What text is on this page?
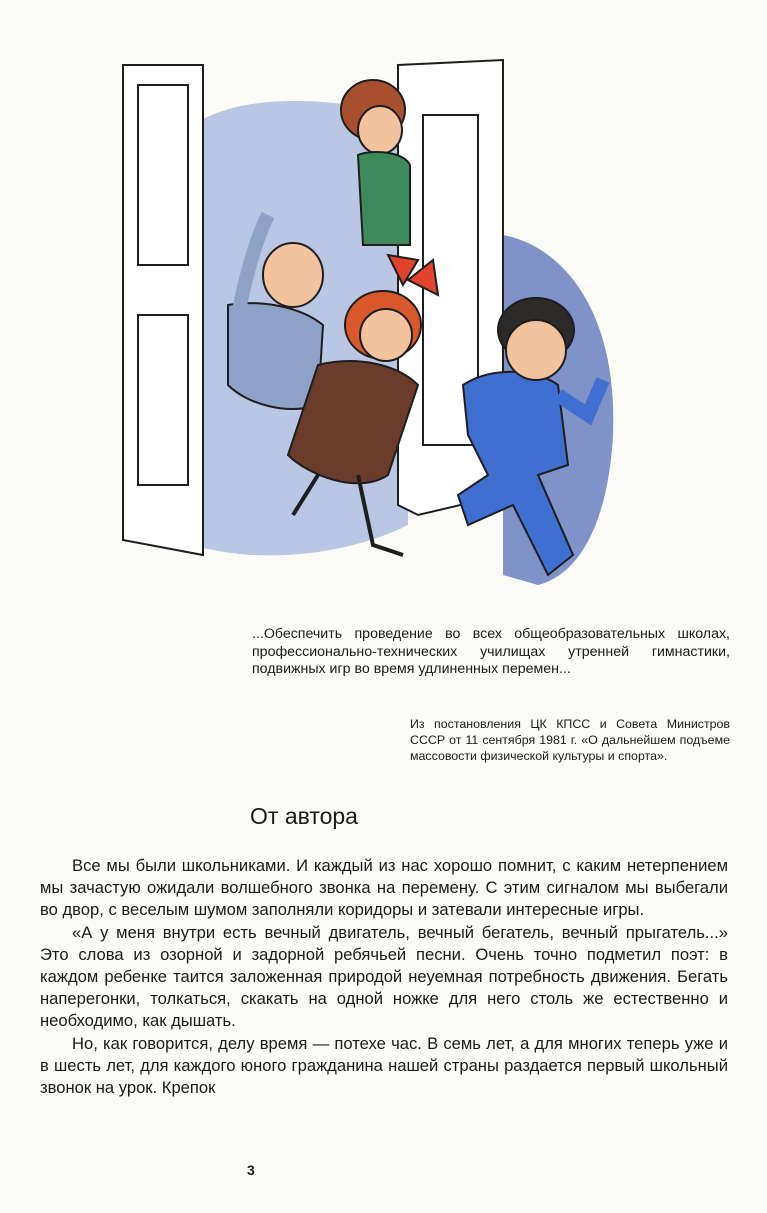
...Обеспечить проведение во всех общеобразовательных школах, профессионально-технических училищах утренней гимнастики, подвижных игр во время удлиненных перемен...
Из постановления ЦК КПСС и Совета Министров СССР от 11 сентября 1981 г. «О дальнейшем подъеме массовости физической культуры и спорта».
От автора

Все мы были школьниками. И каждый из нас хорошо помнит, с каким нетерпением мы зачастую ожидали волшебного звонка на перемену. С этим сигналом мы выбегали во двор, с веселым шумом заполняли коридоры и затевали интересные игры.

«А у меня внутри есть вечный двигатель, вечный бегатель, вечный прыгатель...» Это слова из озорной и задорной ребячьей песни. Очень точно подметил поэт: в каждом ребенке таится заложенная природой неуемная потребность движения. Бегать наперегонки, толкаться, скакать на одной ножке для него столь же естественно и необходимо, как дышать.

Но, как говорится, делу время — потехе час. В семь лет, а для многих теперь уже и в шесть лет, для каждого юного гражданина нашей страны раздается первый школьный звонок на урок. Крепок

3
